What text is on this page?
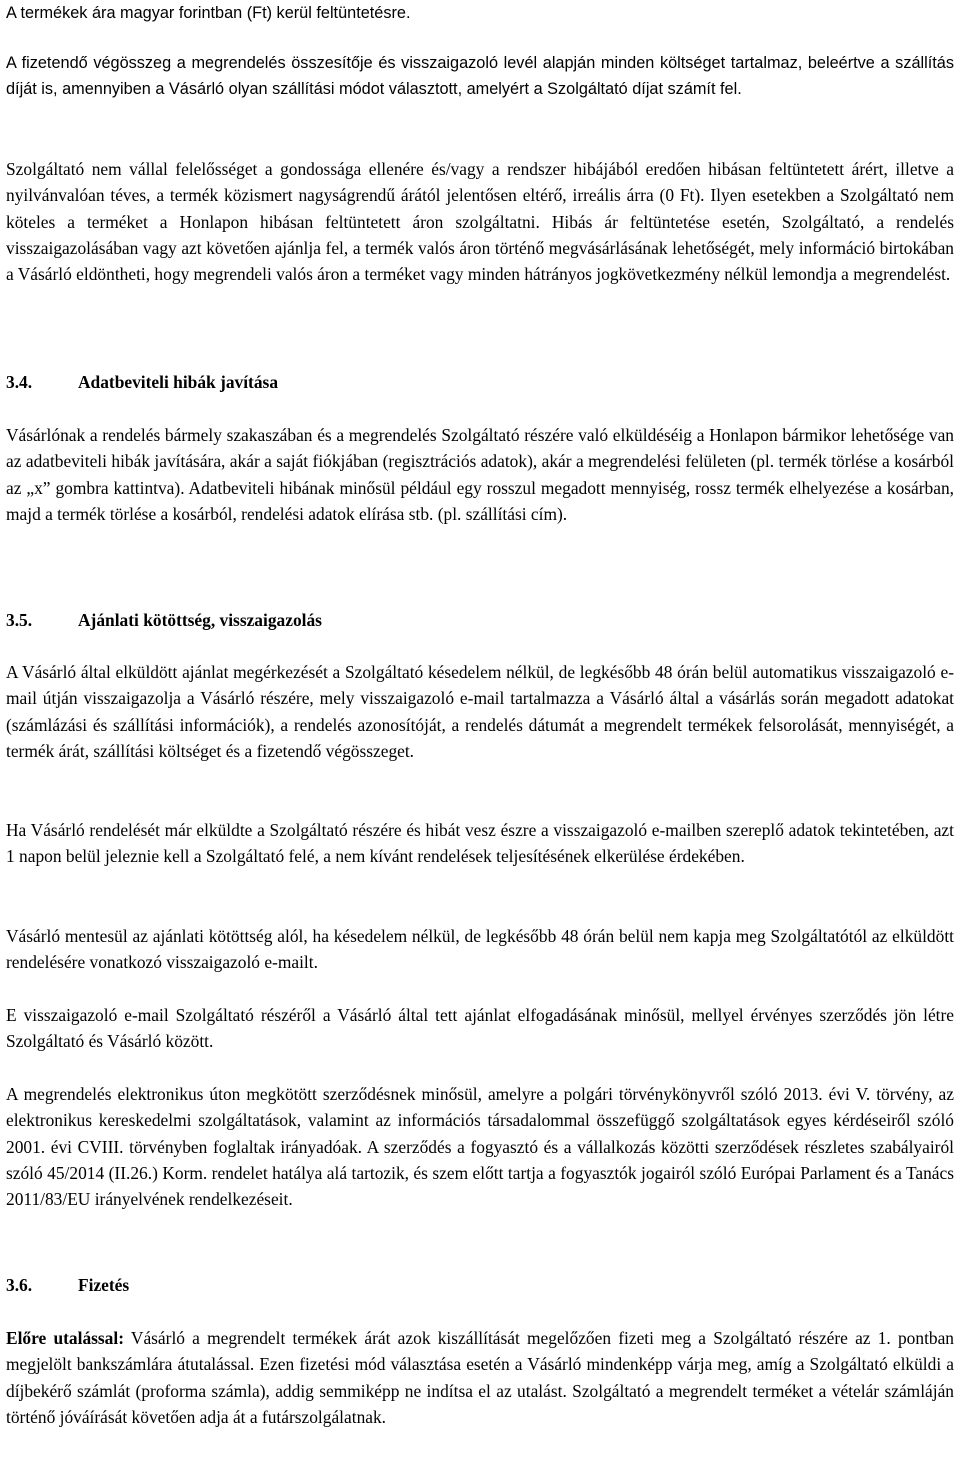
A termékek ára magyar forintban (Ft) kerül feltüntetésre.

A fizetendő végösszeg a megrendelés összesítője és visszaigazoló levél alapján minden költséget tartalmaz, beleértve a szállítás díját is, amennyiben a Vásárló olyan szállítási módot választott, amelyért a Szolgáltató díjat számít fel.

Szolgáltató nem vállal felelősséget a gondossága ellenére és/vagy a rendszer hibájából eredően hibásan feltüntetett árért, illetve a nyilvánvalóan téves, a termék közismert nagyságrendű árától jelentősen eltérő, irreális árra (0 Ft). Ilyen esetekben a Szolgáltató nem köteles a terméket a Honlapon hibásan feltüntetett áron szolgáltatni. Hibás ár feltüntetése esetén, Szolgáltató, a rendelés visszaigazolásában vagy azt követően ajánlja fel, a termék valós áron történő megvásárlásának lehetőségét, mely információ birtokában a Vásárló eldöntheti, hogy megrendeli valós áron a terméket vagy minden hátrányos jogkövetkezmény nélkül lemondja a megrendelést.

3.4.	Adatbeviteli hibák javítása

Vásárlónak a rendelés bármely szakaszában és a megrendelés Szolgáltató részére való elküldéséig a Honlapon bármikor lehetősége van az adatbeviteli hibák javítására, akár a saját fiókjában (regisztrációs adatok), akár a megrendelési felületen (pl. termék törlése a kosárból az „x” gombra kattintva). Adatbeviteli hibának minősül például egy rosszul megadott mennyiség, rossz termék elhelyezése a kosárban, majd a termék törlése a kosárból, rendelési adatok elírása stb. (pl. szállítási cím).

3.5.	Ajánlati kötöttség, visszaigazolás

A Vásárló által elküldött ajánlat megérkezését a Szolgáltató késedelem nélkül, de legkésőbb 48 órán belül automatikus visszaigazoló e-mail útján visszaigazolja a Vásárló részére, mely visszaigazoló e-mail tartalmazza a Vásárló által a vásárlás során megadott adatokat (számlázási és szállítási információk), a rendelés azonosítóját, a rendelés dátumát a megrendelt termékek felsorolását, mennyiségét, a termék árát, szállítási költséget és a fizetendő végösszeget.

Ha Vásárló rendelését már elküldte a Szolgáltató részére és hibát vesz észre a visszaigazoló e-mailben szereplő adatok tekintetében, azt 1 napon belül jeleznie kell a Szolgáltató felé, a nem kívánt rendelések teljesítésének elkerülése érdekében.

Vásárló mentesül az ajánlati kötöttség alól, ha késedelem nélkül, de legkésőbb 48 órán belül nem kapja meg Szolgáltatótól az elküldött rendelésére vonatkozó visszaigazoló e-mailt.

E visszaigazoló e-mail Szolgáltató részéről a Vásárló által tett ajánlat elfogadásának minősül, mellyel érvényes szerződés jön létre Szolgáltató és Vásárló között.

A megrendelés elektronikus úton megkötött szerződésnek minősül, amelyre a polgári törvénykönyvről szóló 2013. évi V. törvény, az elektronikus kereskedelmi szolgáltatások, valamint az információs társadalommal összefüggő szolgáltatások egyes kérdéseiről szóló 2001. évi CVIII. törvényben foglaltak irányadóak. A szerződés a fogyasztó és a vállalkozás közötti szerződések részletes szabályairól szóló 45/2014 (II.26.) Korm. rendelet hatálya alá tartozik, és szem előtt tartja a fogyasztók jogairól szóló Európai Parlament és a Tanács 2011/83/EU irányelvének rendelkezéseit.

3.6.	Fizetés

Előre utalással: Vásárló a megrendelt termékek árát azok kiszállítását megelőzően fizeti meg a Szolgáltató részére az 1. pontban megjelölt bankszámlára átutalással. Ezen fizetési mód választása esetén a Vásárló mindenképp várja meg, amíg a Szolgáltató elküldi a díjbekérő számlát (proforma számla), addig semmiképp ne indítsa el az utalást. Szolgáltató a megrendelt terméket a vételár számláján történő jóváírását követően adja át a futárszolgálatnak.
